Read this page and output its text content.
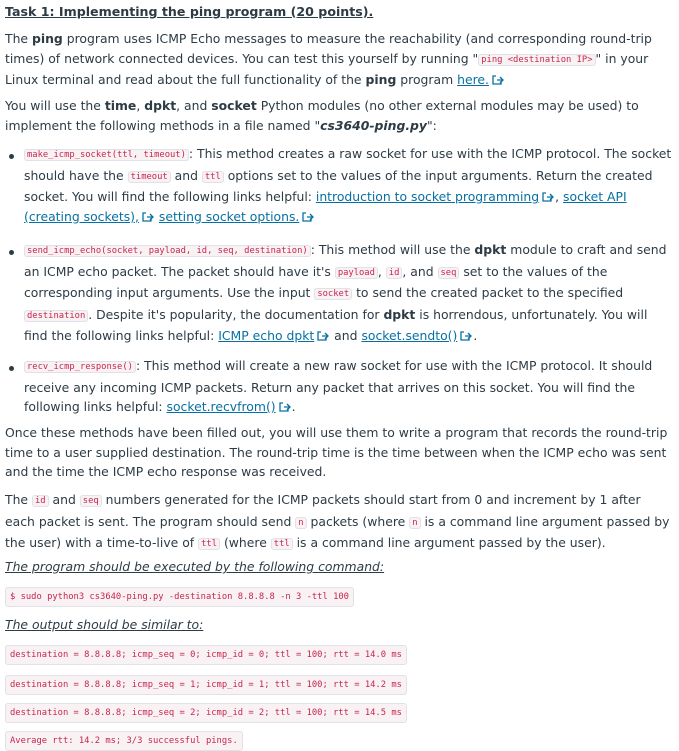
Task 1: Implementing the ping program (20 points).

The ping program uses ICMP Echo messages to measure the reachability (and corresponding round-trip times) of network connected devices. You can test this yourself by running " ping <destination IP> " in your Linux terminal and read about the full functionality of the ping program here.

You will use the time, dpkt, and socket Python modules (no other external modules may be used) to implement the following methods in a file named "cs3640-ping.py":

make_icmp_socket(ttl, timeout) : This method creates a raw socket for use with the ICMP protocol. The socket should have the timeout and ttl options set to the values of the input arguments. Return the created socket. You will find the following links helpful: introduction to socket programming , socket API (creating sockets), setting socket options.

send_icmp_echo(socket, payload, id, seq, destination) : This method will use the dpkt module to craft and send an ICMP echo packet. The packet should have it's payload , id , and seq set to the values of the corresponding input arguments. Use the input socket to send the created packet to the specified destination . Despite it's popularity, the documentation for dpkt is horrendous, unfortunately. You will find the following links helpful: ICMP echo dpkt
and socket.sendto() .

recv_icmp_response() : This method will create a new raw socket for use with the ICMP protocol. It should receive any incoming ICMP packets. Return any packet that arrives on this socket. You will find the following links helpful: socket.recvfrom() .

Once these methods have been filled out, you will use them to write a program that records the round-trip time to a user supplied destination. The round-trip time is the time between when the ICMP echo was sent and the time the ICMP echo response was received.

The id and seq numbers generated for the ICMP packets should start from 0 and increment by 1 after each packet is sent. The program should send n packets (where n is a command line argument passed by the user) with a time-to-live of ttl (where ttl is a command line argument passed by the user).

The program should be executed by the following command:

$ sudo python3 cs3640-ping.py -destination 8.8.8.8 -n 3 -ttl 100

The output should be similar to:

destination = 8.8.8.8; icmp_seq = 0; icmp_id = 0; ttl = 100; rtt = 14.0 ms
destination = 8.8.8.8; icmp_seq = 1; icmp_id = 1; ttl = 100; rtt = 14.2 ms
destination = 8.8.8.8; icmp_seq = 2; icmp_id = 2; ttl = 100; rtt = 14.5 ms
Average rtt: 14.2 ms; 3/3 successful pings.
